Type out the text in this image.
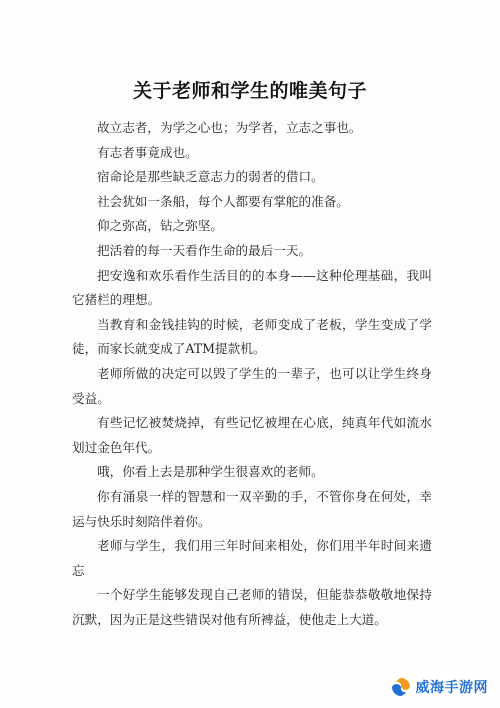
关于老师和学生的唯美句子

故立志者，为学之心也；为学者，立志之事也。

有志者事竟成也。

宿命论是那些缺乏意志力的弱者的借口。

社会犹如一条船，每个人都要有掌舵的准备。

仰之弥高，钻之弥坚。

把活着的每一天看作生命的最后一天。

把安逸和欢乐看作生活目的的本身——这种伦理基础，我叫它猪栏的理想。

当教育和金钱挂钩的时候，老师变成了老板，学生变成了学徒，而家长就变成了ATM提款机。

老师所做的决定可以毁了学生的一辈子，也可以让学生终身受益。

有些记忆被焚烧掉，有些记忆被埋在心底，纯真年代如流水划过金色年代。

哦，你看上去是那种学生很喜欢的老师。

你有涌泉一样的智慧和一双辛勤的手，不管你身在何处，幸运与快乐时刻陪伴着你。

老师与学生，我们用三年时间来相处，你们用半年时间来遗忘

一个好学生能够发现自己老师的错误，但能恭恭敬敬地保持沉默，因为正是这些错误对他有所裨益，使他走上大道。

威海手游网
